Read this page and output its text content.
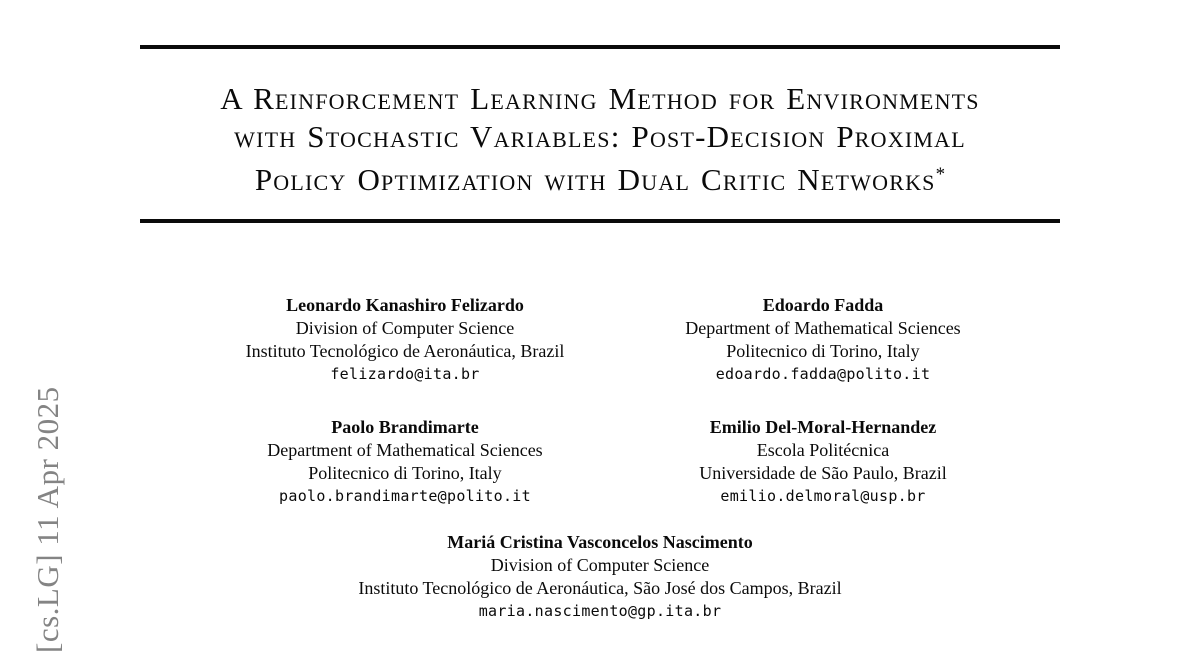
A Reinforcement Learning Method for Environments
with Stochastic Variables: Post-Decision Proximal
Policy Optimization with Dual Critic Networks*
Leonardo Kanashiro Felizardo
Division of Computer Science
Instituto Tecnológico de Aeronáutica, Brazil
felizardo@ita.br
Edoardo Fadda
Department of Mathematical Sciences
Politecnico di Torino, Italy
edoardo.fadda@polito.it
Paolo Brandimarte
Department of Mathematical Sciences
Politecnico di Torino, Italy
paolo.brandimarte@polito.it
Emilio Del-Moral-Hernandez
Escola Politécnica
Universidade de São Paulo, Brazil
emilio.delmoral@usp.br
Mariá Cristina Vasconcelos Nascimento
Division of Computer Science
Instituto Tecnológico de Aeronáutica, São José dos Campos, Brazil
maria.nascimento@gp.ita.br
[cs.LG] 11 Apr 2025
